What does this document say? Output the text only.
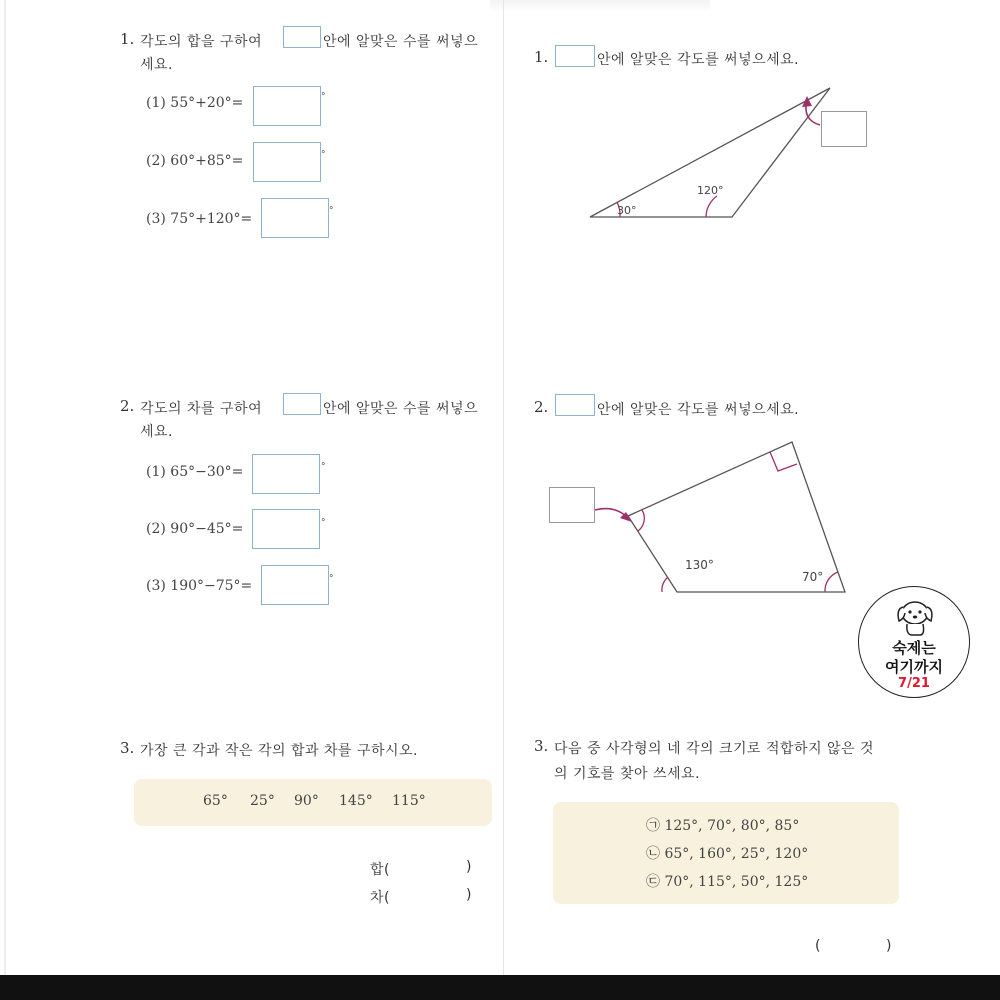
1. 각도의 합을 구하여	안에 알맞은 수를 써넣으
세요.
(1) 55°+20°=	°
(2) 60°+85°=	°
(3) 75°+120°=	°
2. 각도의 차를 구하여	안에 알맞은 수를 써넣으
세요.
(1) 65°−30°=	°
(2) 90°−45°=	°
(3) 190°−75°=	°
3. 가장 큰 각과 작은 각의 합과 차를 구하시오.
65° 25° 90° 145° 115°
합(	)
차(	)
1.	안에 알맞은 각도를 써넣으세요.
30°
120°
2.	안에 알맞은 각도를 써넣으세요.
130°
70°
3. 다음 중 사각형의 네 각의 크기로 적합하지 않은 것
의 기호를 찾아 쓰세요.
㉠ 125°, 70°, 80°, 85°
㉡ 65°, 160°, 25°, 120°
㉢ 70°, 115°, 50°, 125°
(	)
숙제는
여기까지
7/21
